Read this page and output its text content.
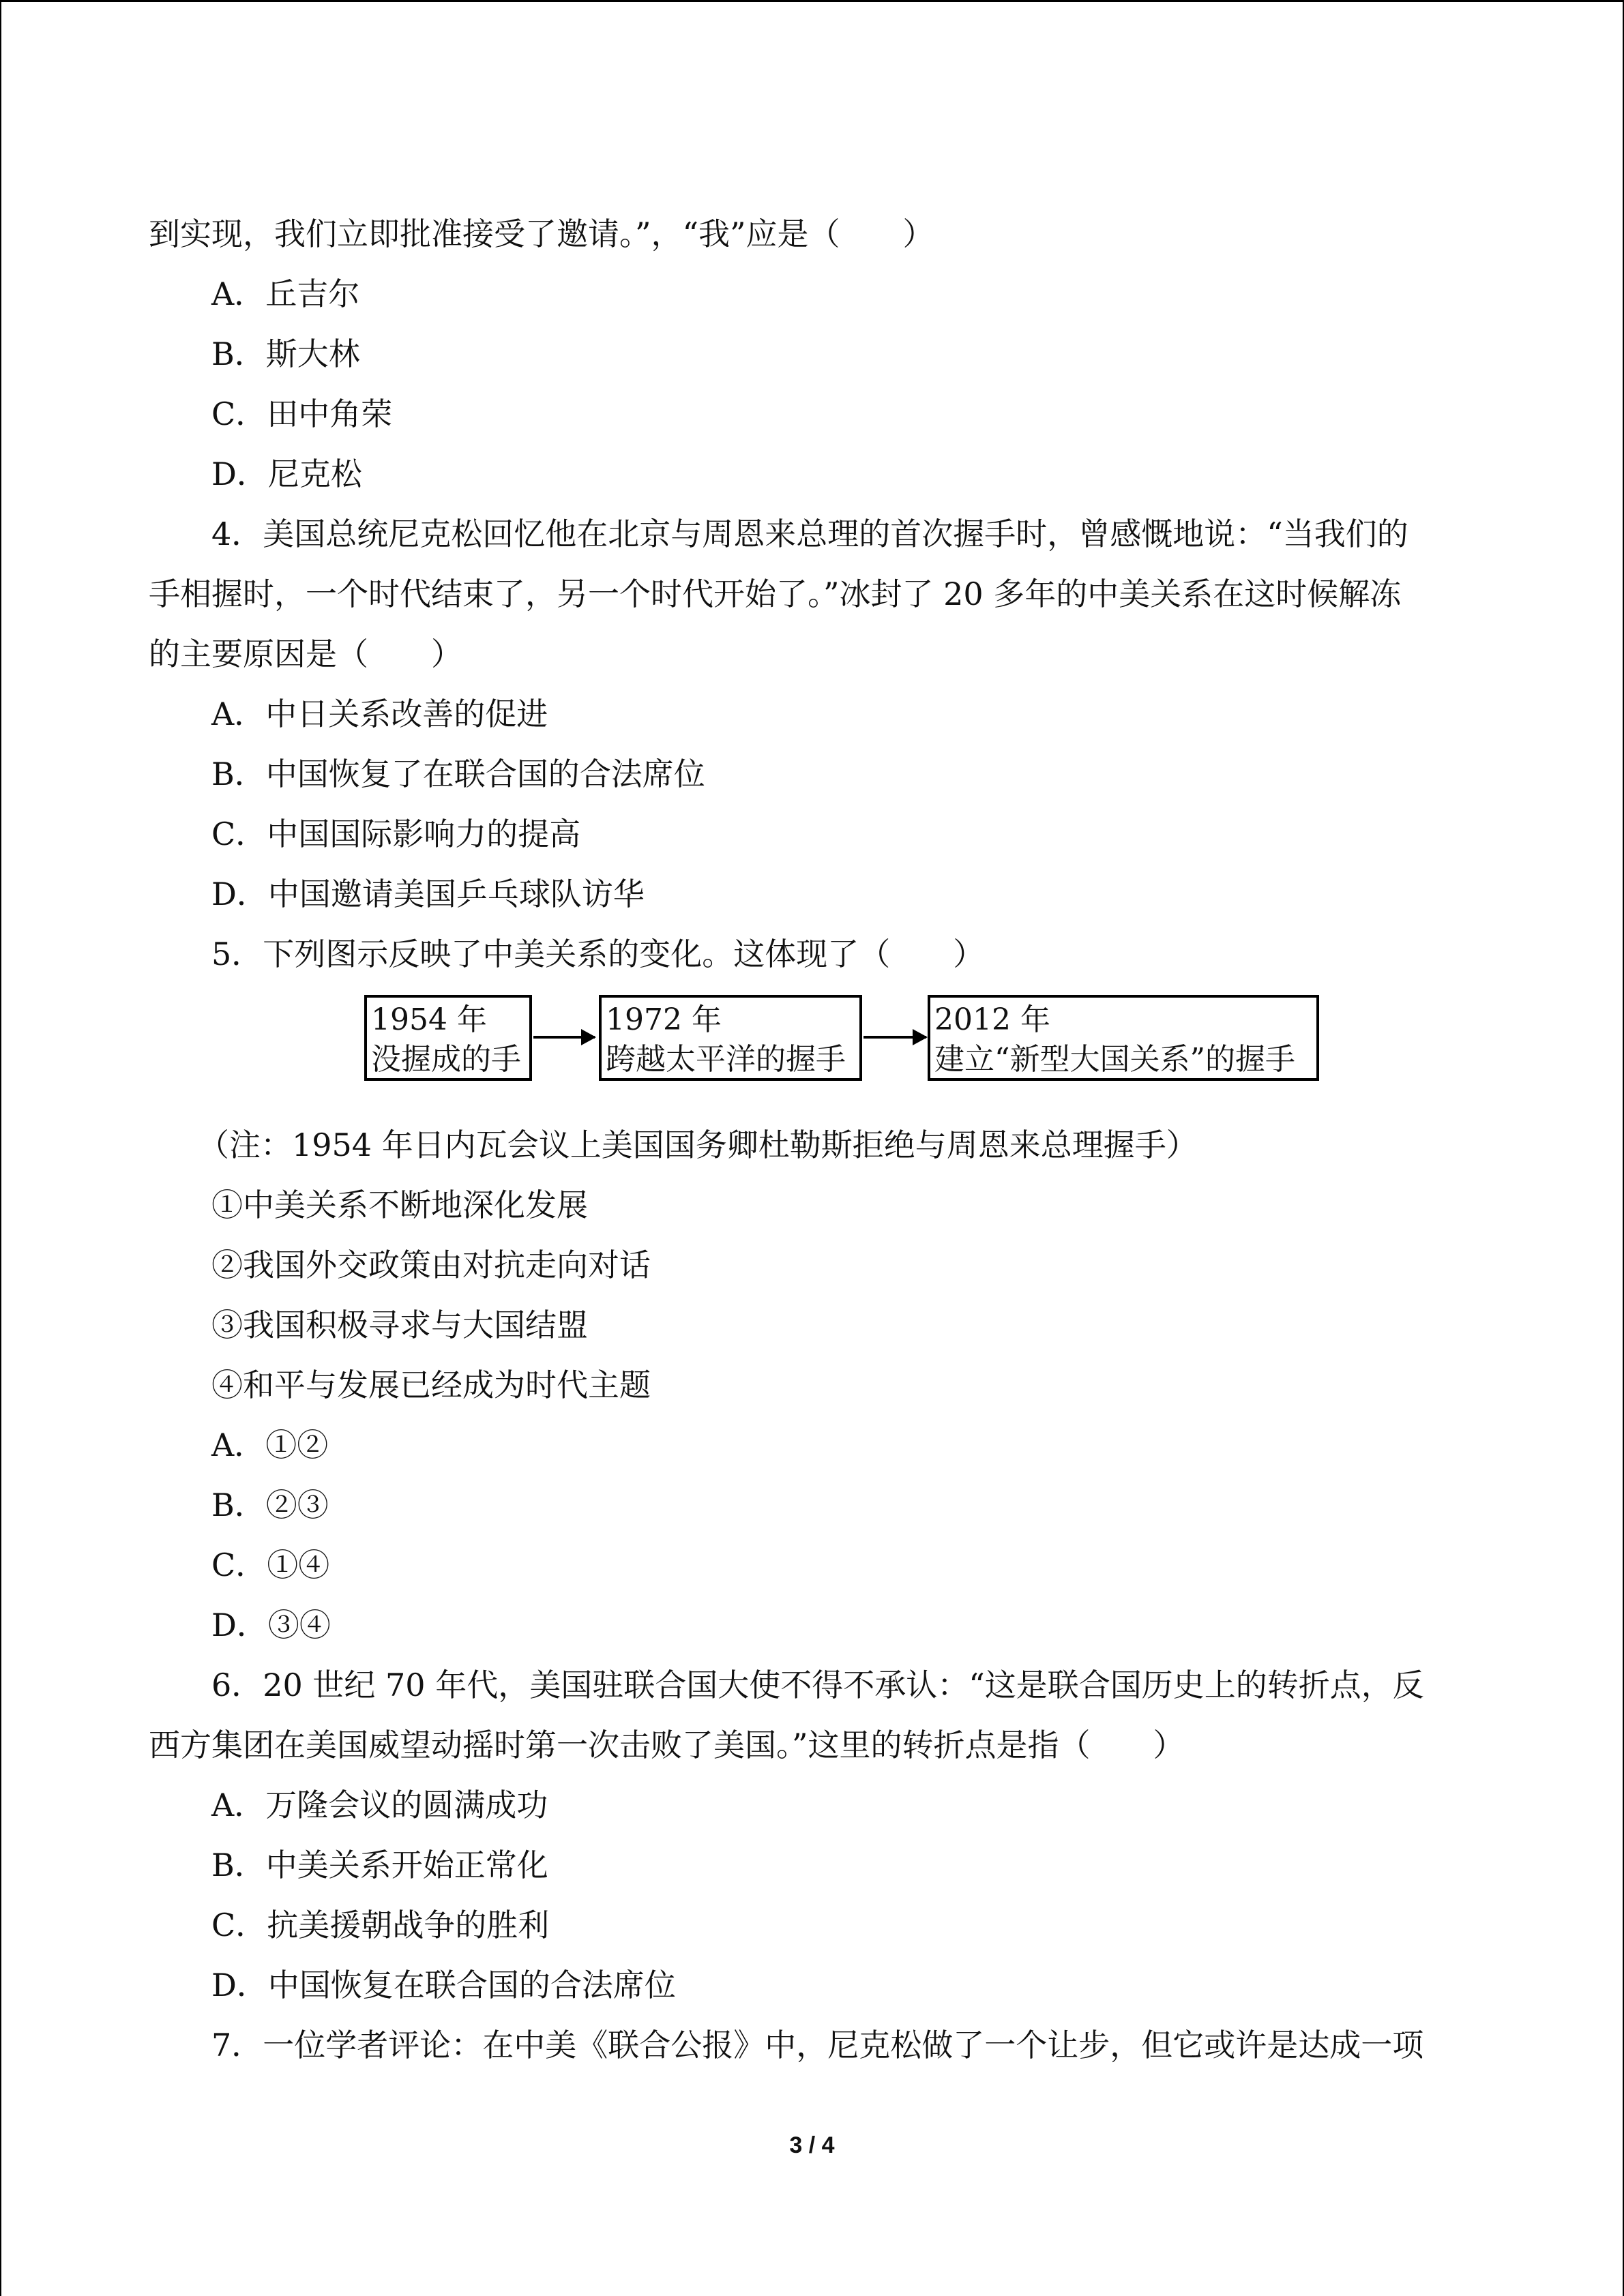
到实现，我们立即批准接受了邀请。”，“我”应是（　　）
A．丘吉尔
B．斯大林
C．田中角荣
D．尼克松
4．美国总统尼克松回忆他在北京与周恩来总理的首次握手时，曾感慨地说：“当我们的
手相握时，一个时代结束了，另一个时代开始了。”冰封了 20 多年的中美关系在这时候解冻
的主要原因是（　　）
A．中日关系改善的促进
B．中国恢复了在联合国的合法席位
C．中国国际影响力的提高
D．中国邀请美国乒乓球队访华
5．下列图示反映了中美关系的变化。这体现了（　　）
1954 年
没握成的手
1972 年
跨越太平洋的握手
2012 年
建立“新型大国关系”的握手
（注：1954 年日内瓦会议上美国国务卿杜勒斯拒绝与周恩来总理握手）
①中美关系不断地深化发展
②我国外交政策由对抗走向对话
③我国积极寻求与大国结盟
④和平与发展已经成为时代主题
A．①②
B．②③
C．①④
D．③④
6．20 世纪 70 年代，美国驻联合国大使不得不承认：“这是联合国历史上的转折点，反
西方集团在美国威望动摇时第一次击败了美国。”这里的转折点是指（　　）
A．万隆会议的圆满成功
B．中美关系开始正常化
C．抗美援朝战争的胜利
D．中国恢复在联合国的合法席位
7．一位学者评论：在中美《联合公报》中，尼克松做了一个让步，但它或许是达成一项
3 / 4
